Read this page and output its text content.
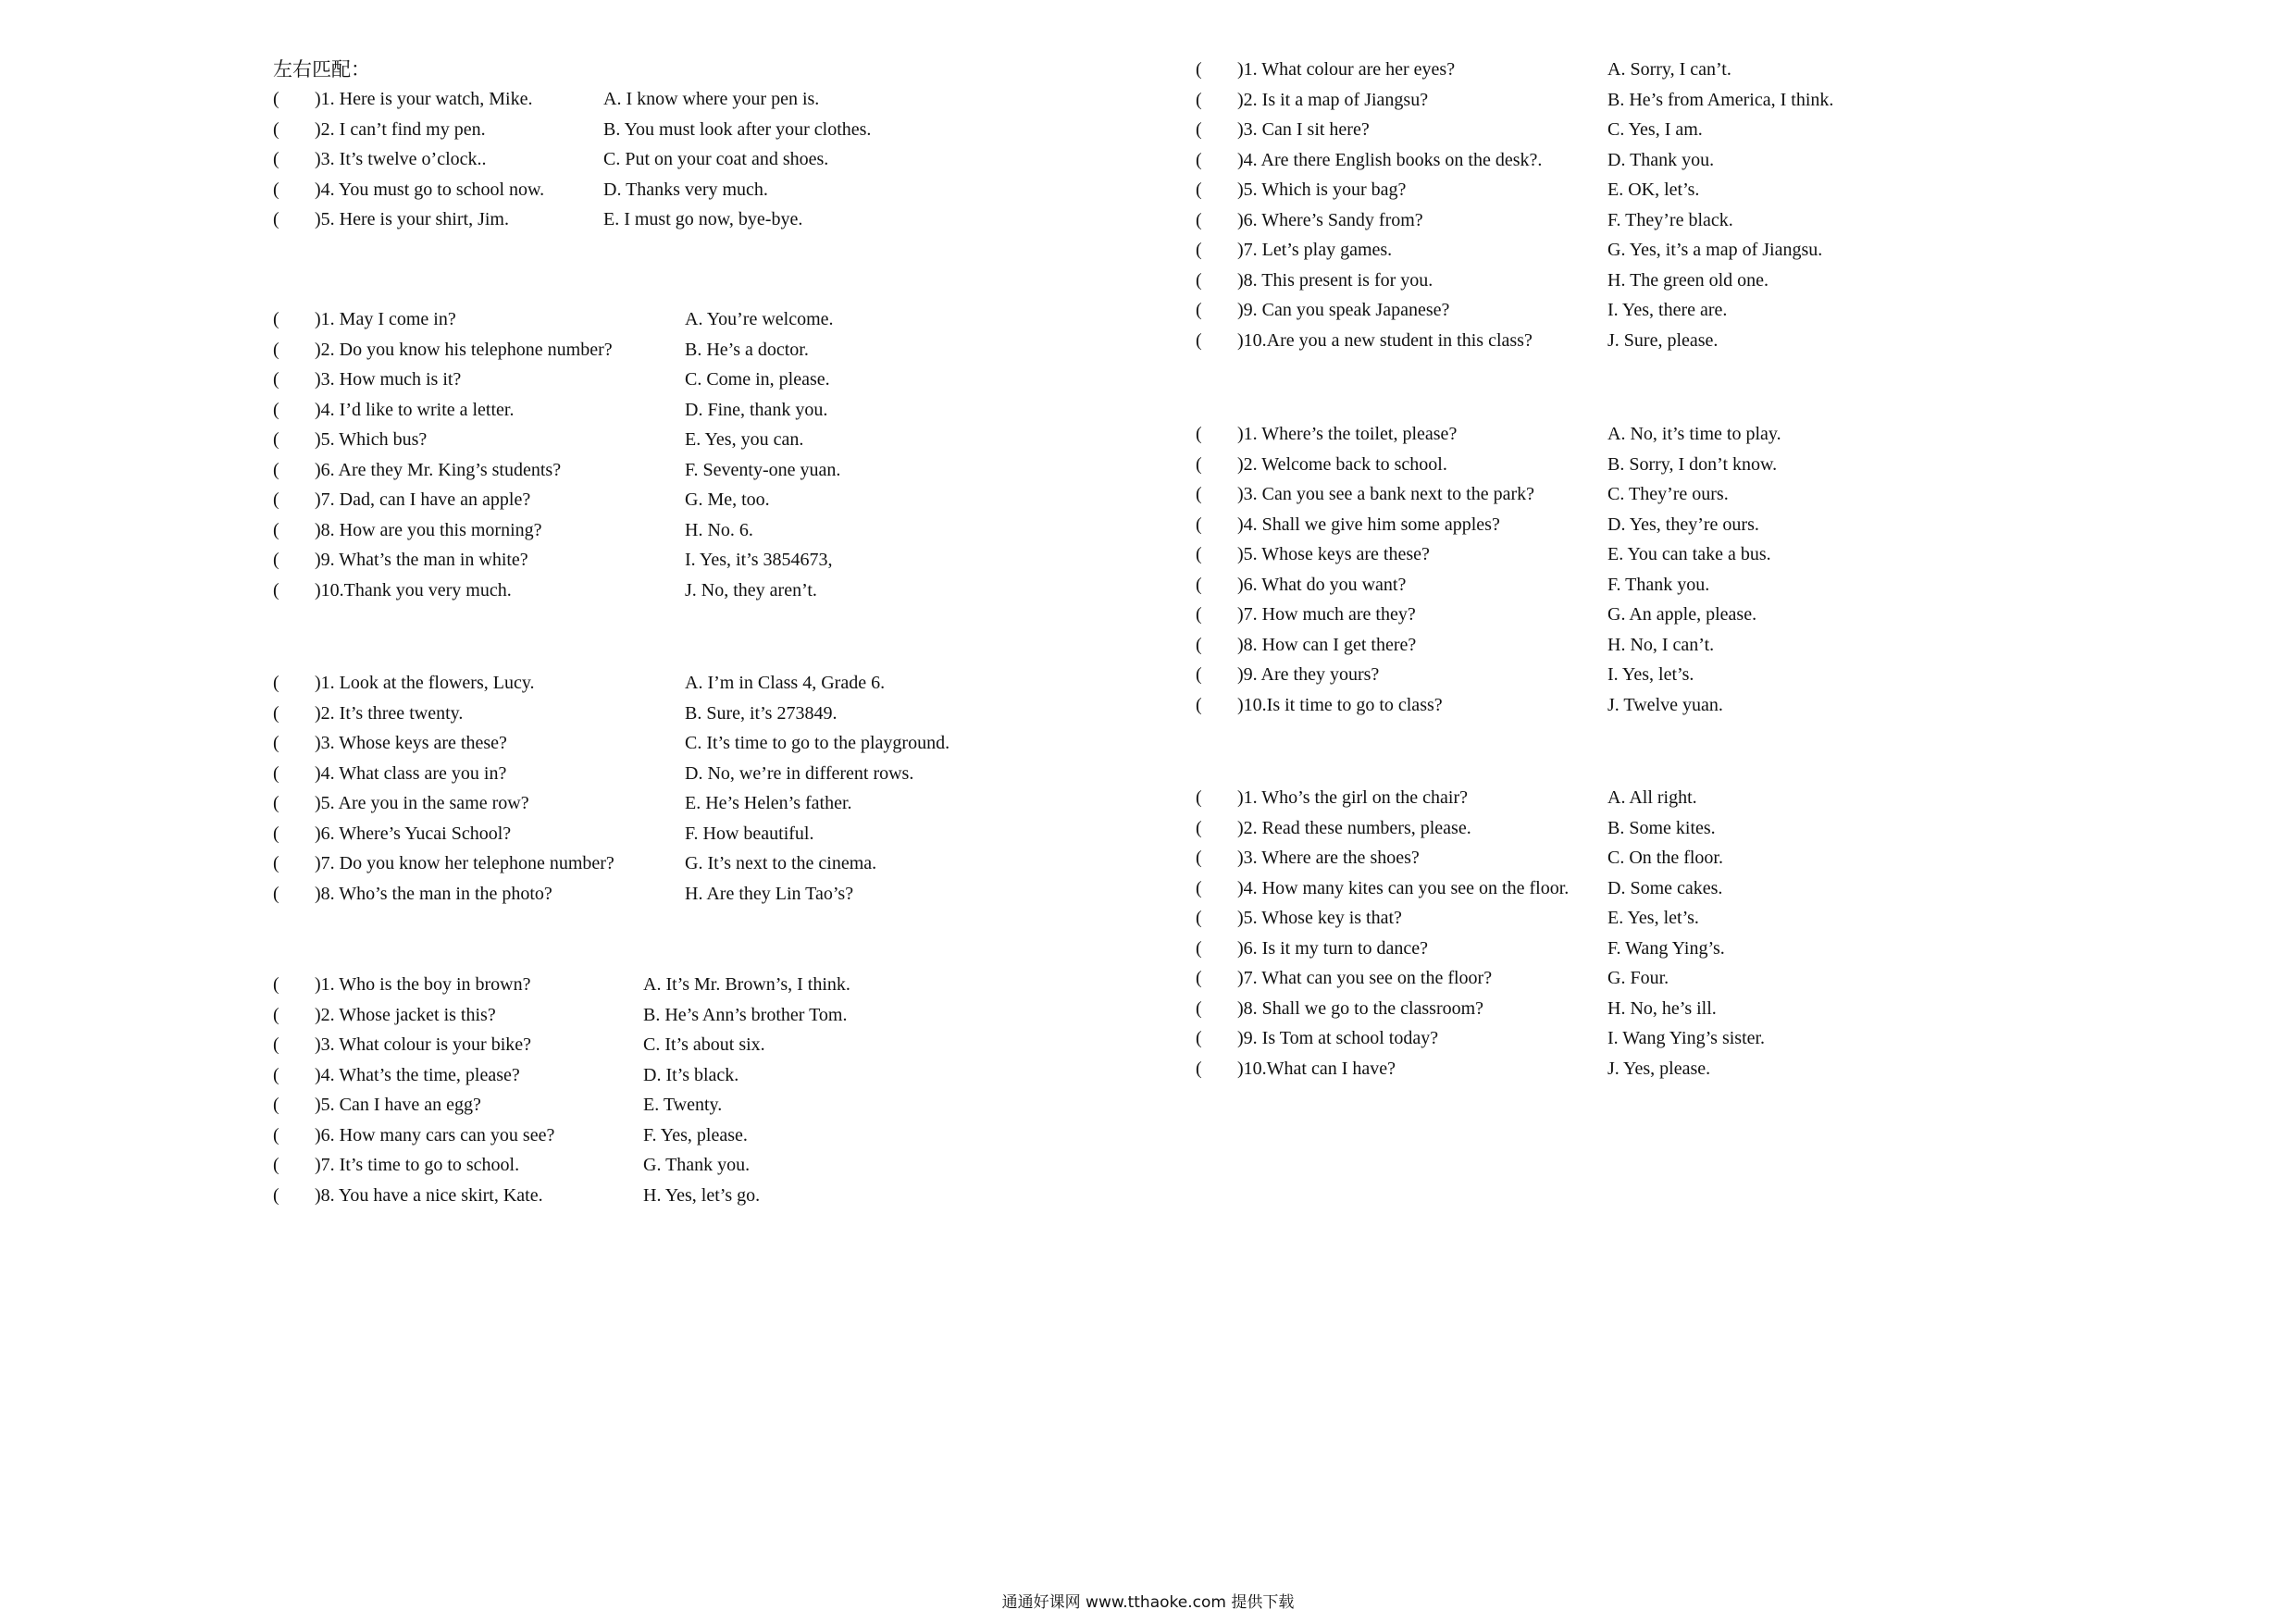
左右匹配：
( )1. Here is your watch, Mike.	A. I know where your pen is.
( )2. I can’t find my pen.	B. You must look after your clothes.
( )3. It’s twelve o’clock..	C. Put on your coat and shoes.
( )4. You must go to school now.	D. Thanks very much.
( )5. Here is your shirt, Jim.	E. I must go now, bye-bye.
( )1. May I come in?	A. You’re welcome.
( )2. Do you know his telephone number?	B. He’s a doctor.
( )3. How much is it?	C. Come in, please.
( )4. I’d like to write a letter.	D. Fine, thank you.
( )5. Which bus?	E. Yes, you can.
( )6. Are they Mr. King’s students?	F. Seventy-one yuan.
( )7. Dad, can I have an apple?	G. Me, too.
( )8. How are you this morning?	H. No. 6.
( )9. What’s the man in white?	I. Yes, it’s 3854673,
( )10.Thank you very much.	J. No, they aren’t.
( )1. Look at the flowers, Lucy.	A. I’m in Class 4, Grade 6.
( )2. It’s three twenty.	B. Sure, it’s 273849.
( )3. Whose keys are these?	C. It’s time to go to the playground.
( )4. What class are you in?	D. No, we’re in different rows.
( )5. Are you in the same row?	E. He’s Helen’s father.
( )6. Where’s Yucai School?	F. How beautiful.
( )7. Do you know her telephone number?	G. It’s next to the cinema.
( )8. Who’s the man in the photo?	H. Are they Lin Tao’s?
( )1. Who is the boy in brown?	A. It’s Mr. Brown’s, I think.
( )2. Whose jacket is this?	B. He’s Ann’s brother Tom.
( )3. What colour is your bike?	C. It’s about six.
( )4. What’s the time, please?	D. It’s black.
( )5. Can I have an egg?	E. Twenty.
( )6. How many cars can you see?	F. Yes, please.
( )7. It’s time to go to school.	G. Thank you.
( )8. You have a nice skirt, Kate.	H. Yes, let’s go.
( )1. What colour are her eyes?	A. Sorry, I can’t.
( )2. Is it a map of Jiangsu?	B. He’s from America, I think.
( )3. Can I sit here?	C. Yes, I am.
( )4. Are there English books on the desk?.	D. Thank you.
( )5. Which is your bag?	E. OK, let’s.
( )6. Where’s Sandy from?	F. They’re black.
( )7. Let’s play games.	G. Yes, it’s a map of Jiangsu.
( )8. This present is for you.	H. The green old one.
( )9. Can you speak Japanese?	I. Yes, there are.
( )10.Are you a new student in this class?	J. Sure, please.
( )1. Where’s the toilet, please?	A. No, it’s time to play.
( )2. Welcome back to school.	B. Sorry, I don’t know.
( )3. Can you see a bank next to the park?	C. They’re ours.
( )4. Shall we give him some apples?	D. Yes, they’re ours.
( )5. Whose keys are these?	E. You can take a bus.
( )6. What do you want?	F. Thank you.
( )7. How much are they?	G. An apple, please.
( )8. How can I get there?	H. No, I can’t.
( )9. Are they yours?	I. Yes, let’s.
( )10.Is it time to go to class?	J. Twelve yuan.
( )1. Who’s the girl on the chair?	A. All right.
( )2. Read these numbers, please.	B. Some kites.
( )3. Where are the shoes?	C. On the floor.
( )4. How many kites can you see on the floor. D. Some cakes.
( )5. Whose key is that?	E. Yes, let’s.
( )6. Is it my turn to dance?	F. Wang Ying’s.
( )7. What can you see on the floor?	G. Four.
( )8. Shall we go to the classroom?	H. No, he’s ill.
( )9. Is Tom at school today?	I. Wang Ying’s sister.
( )10.What can I have?	J. Yes, please.
通通好课网 www.tthaoke.com 提供下载
